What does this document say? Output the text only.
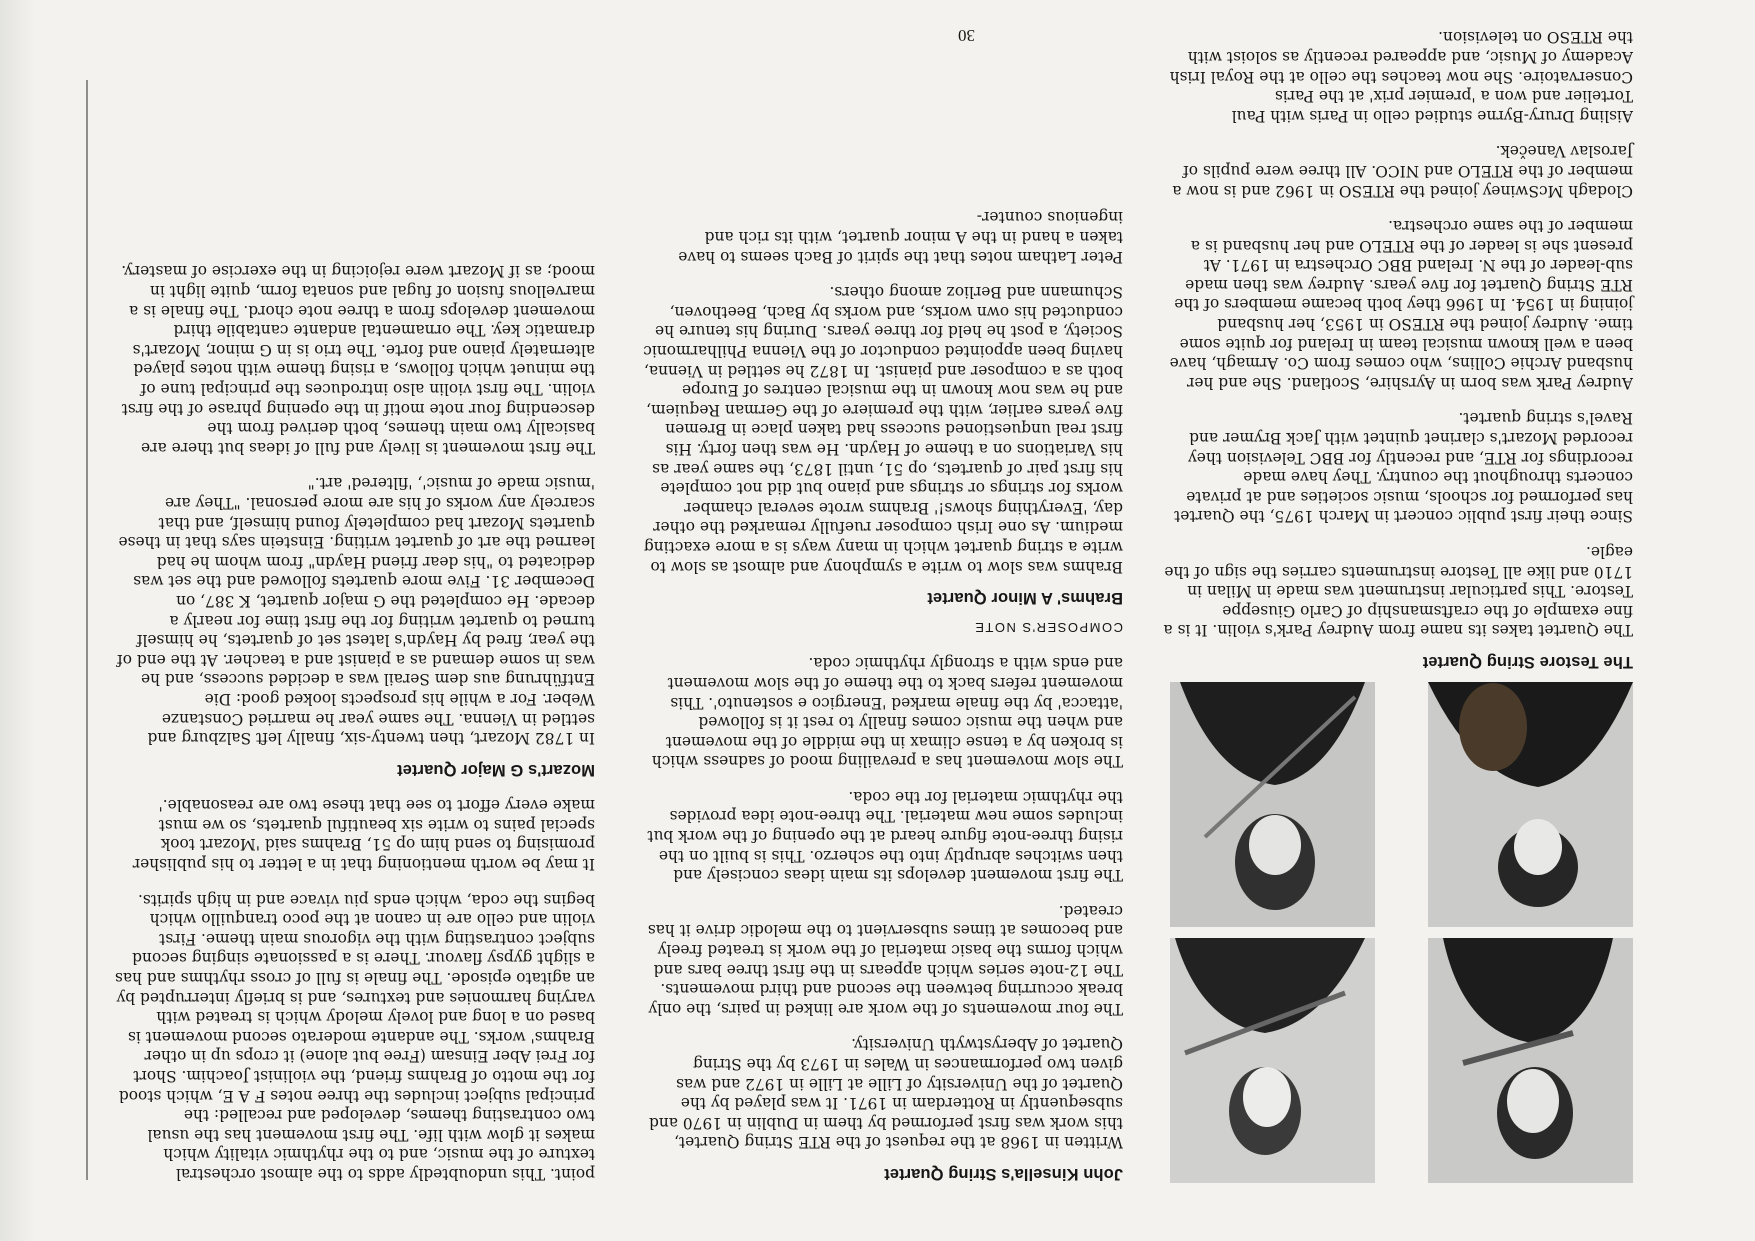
The Testore String Quartet

The Quartet takes its name from Audrey Park's violin. It is a fine example of the craftsmanship of Carlo Giuseppe Testore. This particular instrument was made in Milan in 1710 and like all Testore instruments carries the sign of the eagle.

Since their first public concert in March 1975, the Quartet has performed for schools, music societies and at private concerts throughout the country. They have made recordings for RTE, and recently for BBC Television they recorded Mozart's clarinet quintet with Jack Brymer and Ravel's string quartet.

Audrey Park was born in Ayrshire, Scotland. She and her husband Archie Collins, who comes from Co. Armagh, have been a well known musical team in Ireland for quite some time. Audrey joined the RTESO in 1953, her husband joining in 1954. In 1966 they both became members of the RTE String Quartet for five years. Audrey was then made sub-leader of the N. Ireland BBC Orchestra in 1971. At present she is leader of the RTELO and her husband is a member of the same orchestra.

Clodagh McSwiney joined the RTESO in 1962 and is now a member of the RTELO and NICO. All three were pupils of Jaroslav Vaneček.

Aisling Drury-Byrne studied cello in Paris with Paul Tortelier and won a 'premier prix' at the Paris Conservatoire. She now teaches the cello at the Royal Irish Academy of Music, and appeared recently as soloist with the RTESO on television.

John Kinsella's String Quartet

Written in 1968 at the request of the RTE String Quartet, this work was first performed by them in Dublin in 1970 and subsequently in Rotterdam in 1971. It was played by the Quartet of the University of Lille at Lille in 1972 and was given two performances in Wales in 1973 by the String Quartet of Aberystwyth University.

The four movements of the work are linked in pairs, the only break occurring between the second and third movements. The 12-note series which appears in the first three bars and which forms the basic material of the work is treated freely and becomes at times subservient to the melodic drive it has created.

The first movement develops its main ideas concisely and then switches abruptly into the scherzo. This is built on the rising three-note figure heard at the opening of the work but includes some new material. The three-note idea provides the rhythmic material for the coda.

The slow movement has a prevailing mood of sadness which is broken by a tense climax in the middle of the movement and when the music comes finally to rest it is followed 'attacca' by the finale marked 'Energico e sostenuto'. This movement refers back to the theme of the slow movement and ends with a strongly rhythmic coda.

COMPOSER'S NOTE
Brahms' A Minor Quartet

Brahms was slow to write a symphony and almost as slow to write a string quartet which in many ways is a more exacting medium. As one Irish composer ruefully remarked the other day, 'Everything shows!' Brahms wrote several chamber works for strings or strings and piano but did not complete his first pair of quartets, op 51, until 1873, the same year as his Variations on a theme of Haydn. He was then forty. His first real unquestioned success had taken place in Bremen five years earlier, with the premiere of the German Requiem, and he was now known in the musical centres of Europe both as a composer and pianist. In 1872 he settled in Vienna, having been appointed conductor of the Vienna Philharmonic Society, a post he held for three years. During his tenure he conducted his own works, and works by Bach, Beethoven, Schumann and Berlioz among others.

Peter Latham notes that the spirit of Bach seems to have taken a hand in the A minor quartet, with its rich and ingenious counter-

point. This undoubtedly adds to the almost orchestral texture of the music, and to the rhythmic vitality which makes it glow with life. The first movement has the usual two contrasting themes, developed and recalled: the principal subject includes the three notes F A E, which stood for the motto of Brahms friend, the violinist Joachim. Short for Frei Aber Einsam (Free but alone) it crops up in other Brahms' works. The andante moderato second movement is based on a long and lovely melody which is treated with varying harmonies and textures, and is briefly interrupted by an agitato episode. The finale is full of cross rhythms and has a slight gypsy flavour. There is a passionate singing second subject contrasting with the vigorous main theme. First violin and cello are in canon at the poco tranquillo which begins the coda, which ends piu vivace and in high spirits.

It may be worth mentioning that in a letter to his publisher promising to send him op 51, Brahms said 'Mozart took special pains to write six beautiful quartets, so we must make every effort to see that these two are reasonable.'

Mozart's G Major Quartet

In 1782 Mozart, then twenty-six, finally left Salzburg and settled in Vienna. The same year he married Constanze Weber. For a while his prospects looked good: Die Entführung aus dem Serail was a decided success, and he was in some demand as a pianist and a teacher. At the end of the year, fired by Haydn's latest set of quartets, he himself turned to quartet writing for the first time for nearly a decade. He completed the G major quartet, K 387, on December 31. Five more quartets followed and the set was dedicated to "his dear friend Haydn" from whom he had learned the art of quartet writing. Einstein says that in these quartets Mozart had completely found himself, and that scarcely any works of his are more personal. "They are 'music made of music', 'filtered' art."

The first movement is lively and full of ideas but there are basically two main themes, both derived from the descending four note motif in the opening phrase of the first violin. The first violin also introduces the principal tune of the minuet which follows, a rising theme with notes played alternately piano and forte. The trio is in G minor, Mozart's dramatic key. The ornamental andante cantabile third movement develops from a three note chord. The finale is a marvellous fusion of fugal and sonata form, quite light in mood; as if Mozart were rejoicing in the exercise of mastery.

30
